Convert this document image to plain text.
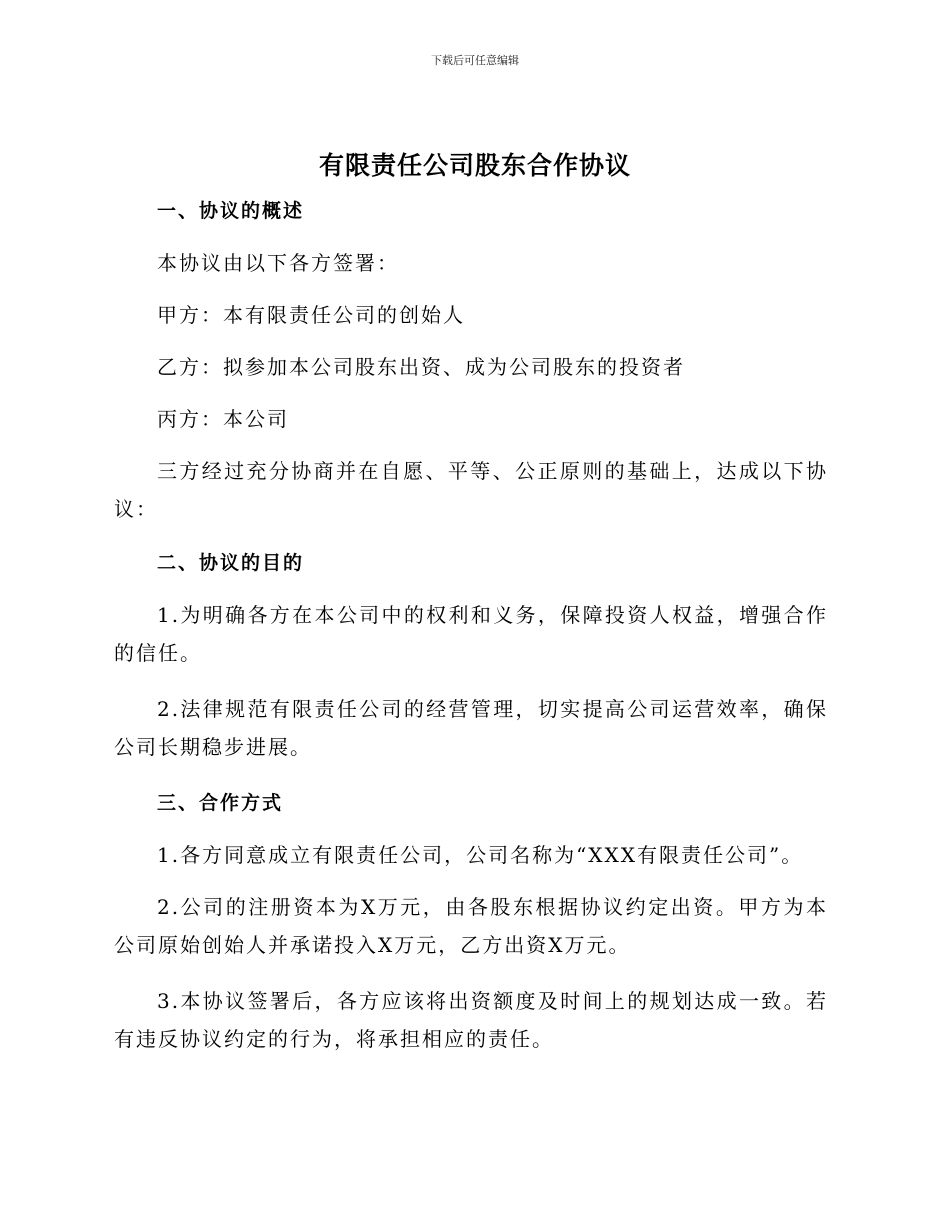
下载后可任意编辑
有限责任公司股东合作协议

一、协议的概述

本协议由以下各方签署：

甲方：本有限责任公司的创始人

乙方：拟参加本公司股东出资、成为公司股东的投资者

丙方：本公司

三方经过充分协商并在自愿、平等、公正原则的基础上，达成以下协议：

二、协议的目的

1.为明确各方在本公司中的权利和义务，保障投资人权益，增强合作的信任。

2.法律规范有限责任公司的经营管理，切实提高公司运营效率，确保公司长期稳步进展。

三、合作方式

1.各方同意成立有限责任公司，公司名称为“XXX有限责任公司”。

2.公司的注册资本为X万元，由各股东根据协议约定出资。甲方为本公司原始创始人并承诺投入X万元，乙方出资X万元。

3.本协议签署后，各方应该将出资额度及时间上的规划达成一致。若有违反协议约定的行为，将承担相应的责任。
